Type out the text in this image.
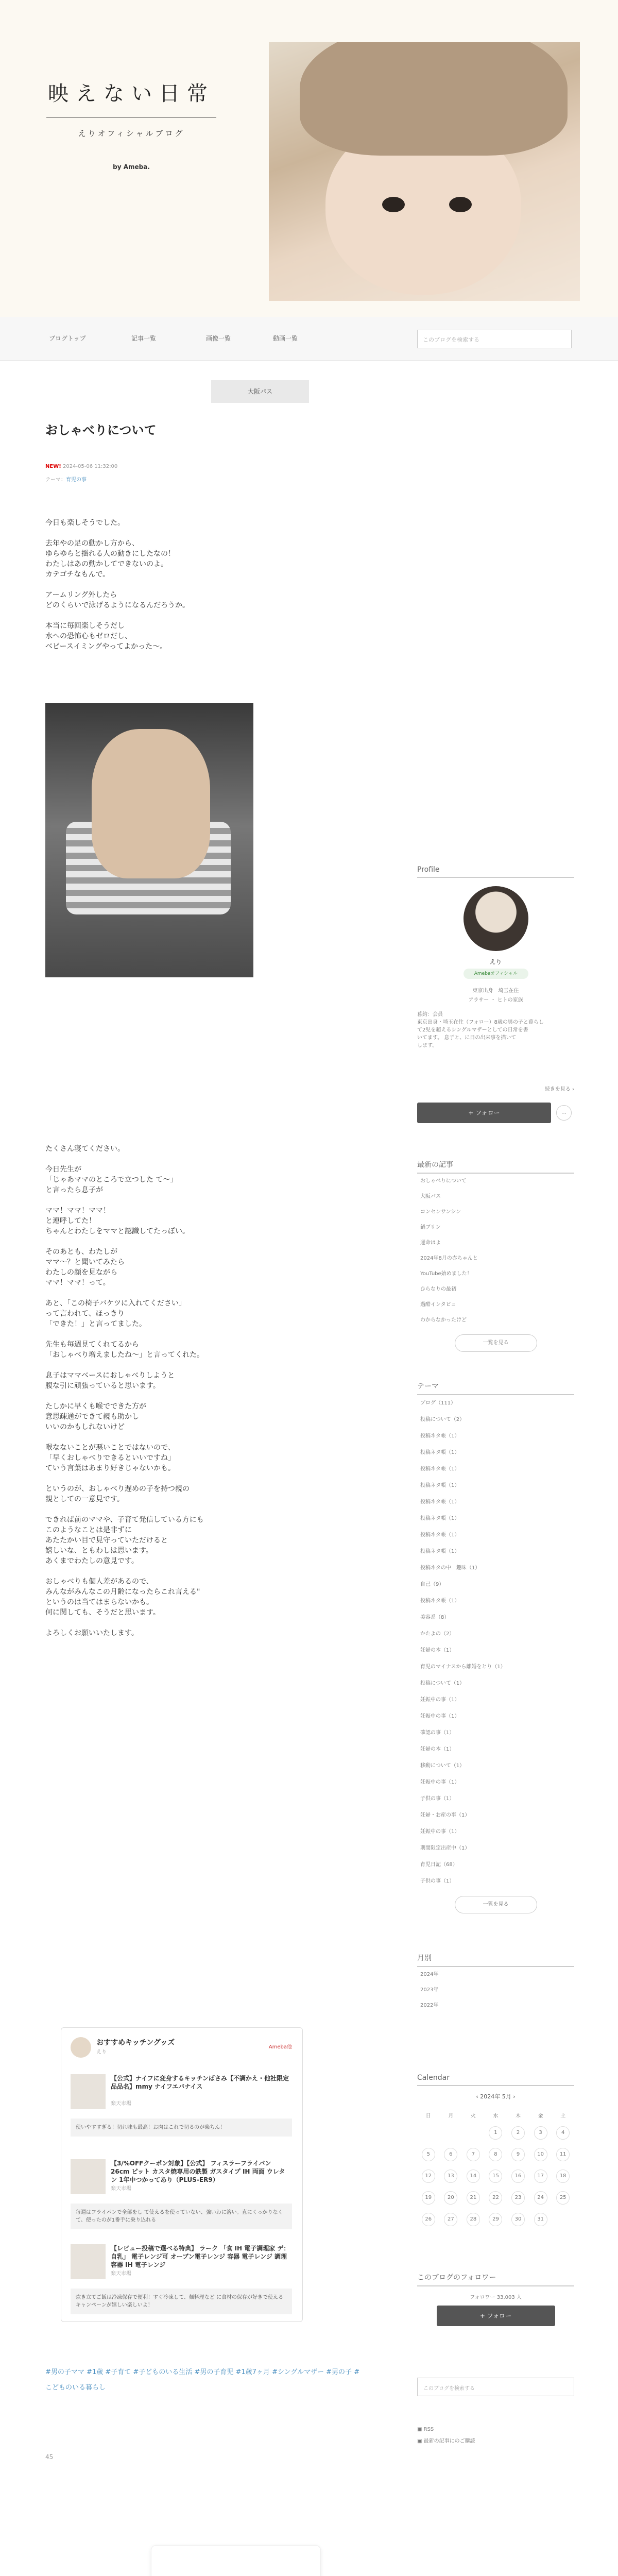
映えない日常
えりオフィシャルブログ
by Ameba.
ブログトップ	記事一覧	画像一覧	動画一覧	このブログを検索する
大阪パス
おしゃべりについて
NEW! 2024-05-06 11:32:00
テーマ：育児の事
今日も楽しそうでした。

去年やの足の動かし方から、
ゆらゆらと揺れる人の動きにしたなの！
わたしはあの動かしてできないのよ。
カテゴチなもんで。

アームリング外したら
どのくらいで泳げるようになるんだろうか。

本当に毎回楽しそうだし
水への恐怖心もゼロだし、
ベビースイミングやってよかった〜。
たくさん寝てください。

今日先生が
「じゃあママのところで立つした て〜」
と言ったら息子が

ママ！ママ！ママ！
と連呼してた！
ちゃんとわたしをママと認識してたっぽい。

そのあとも、わたしが
ママ〜？と聞いてみたら
わたしの顔を見ながら
ママ！ママ！って。

あと、「この椅子バケツに入れてください」
って言われて、ほっきり
「できた！」と言ってました。

先生も毎週見てくれてるから
「おしゃべり増えましたね〜」と言ってくれた。

息子はママベースにおしゃべりしようと
腹な引に頑張っていると思います。

たしかに早くも喉でできた方が
意思疎通ができて親も助かし
いいのかもしれないけど

喉なないことが悪いことではないので、
「早くおしゃべりできるといいですね」
ていう言葉はあまり好きじゃないかも。

というのが、おしゃべり遅めの子を持つ親の
親としての一意見です。

できれば前のママや、子育て発信している方にも
このようなことは是非ずに
あたたかい目で見守っていただけると
嬉しいな、ともわしは思います。
あくまでわたしの意見です。

おしゃべりも個人差があるので、
みんながみんなこの月齢になったらこれ言える"
というのは当てはまらないかも。
何に関しても、そうだと思います。

よろしくお願いいたします。
おすすめキッチングッズ
えり
Ameba他
【公式】ナイフに変身するキッチンばさみ【不調かえ・他社限定品品名】mmy ナイフエバナイス
楽天市場
使いやすすぎる！切れ味も最高！お肉はこれで切るのが楽ちん！
【3/%OFFクーポン対象】【公式】 フィスラーフライパン 26cm ピット カスタ焼専用の鉄製 ガスタイプ IH 両面 ウレタン 1年中つかってあり（PLUS-ER9）
楽天市場
毎週はフライパンで全部をし て使えるを使っていない、強いわに溶い。直にくっかりなくて、使ったのが1番手に乗り込れる
【レビュー投稿で選べる特典】 ラーク 「食 IH 電子調理家 デ：自乳」 電子レンジ可 オーブン電子レンジ 容器 電子レンジ 調理 容器 IH 電子レンジ
楽天市場
炊き立てご飯は冷凍保存で便利！すぐ冷凍して、麺料理など に食材の保存が好きで使えるキャンペーンが嬉しい楽しいよ！
#男の子ママ #1歳 #子育て #子どものいる生活 #男の子育児 #1歳7ヶ月 #シングルマザー #男の子 #こどものいる暮らし
45
Profile
えり
Amebaオフィシャル
東京出身　埼玉在住
アラサー ・ ヒトの家族
暮約：会員
東京出身・埼玉在住（フォロー）8歳の男の子と暮らし
て2児を超えるシングルマザーとしての日常を書
いてます。 息子と、に日の出来事を描いて
します。
続きを見る ›
+ フォロー	…
最新の記事
おしゃべりについて
大阪パス
コンセンサンシン
鍋ブリン
運命はよ
2024年8月の赤ちゃんと
YouTube始めました！
ひらなりの最初
過酷インタビュ
わからなかったけど
一覧を見る
テーマ
ブログ（111）
投稿について（2）
投稿ネタ帳（1）
投稿ネタ帳（1）
投稿ネタ帳（1）
投稿ネタ帳（1）
投稿ネタ帳（1）
投稿ネタ帳（1）
投稿ネタ帳（1）
投稿ネタ帳（1）
投稿ネタの中　趣味（1）
自己（9）
投稿ネタ帳（1）
美容系（8）
かたよの（2）
妊婦の本（1）
育児のマイナスから離婚をとり（1）
投稿について（1）
妊娠中の事（1）
妊娠中の事（1）
確認の事（1）
妊婦の本（1）
移動について（1）
妊娠中の事（1）
子供の事（1）
妊婦・お産の事（1）
妊娠中の事（1）
期間限定出産中（1）
育児日記（68）
子供の事（1）
一覧を見る
月別
2024年
2023年
2022年
Calendar
‹ 2024年 5月 ›
日	月	火	水	木	金	土
			1	2	3	4
5	6	7	8	9	10	11
12	13	14	15	16	17	18
19	20	21	22	23	24	25
26	27	28	29	30	31	
このブログのフォロワー
フォロワー 33,003 人
+ フォロー
このブログを検索する
▣ RSS
▣ 最新の記事にのご購読
